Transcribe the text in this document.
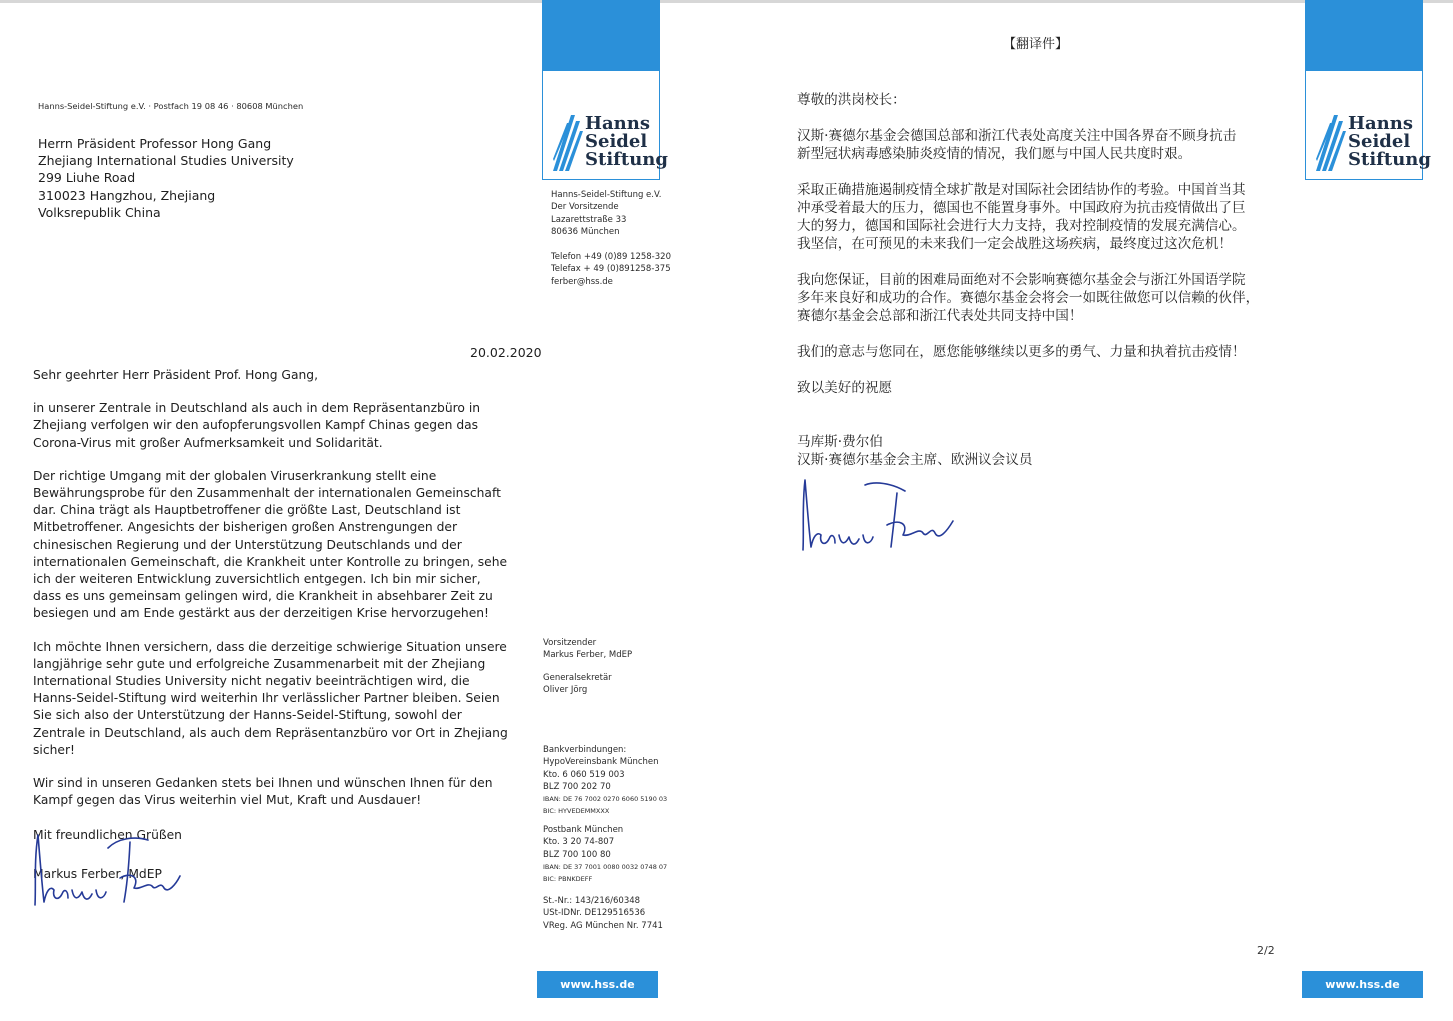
Hanns
Seidel
Stiftung
Hanns-Seidel-Stiftung e.V. · Postfach 19 08 46 · 80608 München
Herrn Präsident Professor Hong Gang
Zhejiang International Studies University
299 Liuhe Road
310023 Hangzhou, Zhejiang
Volksrepublik China
Hanns-Seidel-Stiftung e.V.
Der Vorsitzende
Lazarettstraße 33
80636 München
Telefon +49 (0)89 1258-320
Telefax + 49 (0)891258-375
ferber@hss.de
20.02.2020

Sehr geehrter Herr Präsident Prof. Hong Gang,

in unserer Zentrale in Deutschland als auch in dem Repräsentanzbüro in Zhejiang verfolgen wir den aufopferungsvollen Kampf Chinas gegen das Corona-Virus mit großer Aufmerksamkeit und Solidarität.

Der richtige Umgang mit der globalen Viruserkrankung stellt eine Bewährungsprobe für den Zusammenhalt der internationalen Gemeinschaft dar. China trägt als Hauptbetroffener die größte Last, Deutschland ist Mitbetroffener. Angesichts der bisherigen großen Anstrengungen der chinesischen Regierung und der Unterstützung Deutschlands und der internationalen Gemeinschaft, die Krankheit unter Kontrolle zu bringen, sehe ich der weiteren Entwicklung zuversichtlich entgegen. Ich bin mir sicher, dass es uns gemeinsam gelingen wird, die Krankheit in absehbarer Zeit zu besiegen und am Ende gestärkt aus der derzeitigen Krise hervorzugehen!

Ich möchte Ihnen versichern, dass die derzeitige schwierige Situation unsere langjährige sehr gute und erfolgreiche Zusammenarbeit mit der Zhejiang International Studies University nicht negativ beeinträchtigen wird, die Hanns-Seidel-Stiftung wird weiterhin Ihr verlässlicher Partner bleiben. Seien Sie sich also der Unterstützung der Hanns-Seidel-Stiftung, sowohl der Zentrale in Deutschland, als auch dem Repräsentanzbüro vor Ort in Zhejiang sicher!

Wir sind in unseren Gedanken stets bei Ihnen und wünschen Ihnen für den Kampf gegen das Virus weiterhin viel Mut, Kraft und Ausdauer!

Mit freundlichen Grüßen

Markus Ferber, MdEP
Vorsitzender
Markus Ferber, MdEP
Generalsekretär
Oliver Jörg
Bankverbindungen:
HypoVereinsbank München
Kto. 6 060 519 003
BLZ 700 202 70
IBAN: DE 76 7002 0270 6060 5190 03
BIC: HYVEDEMMXXX
Postbank München
Kto. 3 20 74-807
BLZ 700 100 80
IBAN: DE 37 7001 0080 0032 0748 07
BIC: PBNKDEFF
St.-Nr.: 143/216/60348
USt-IDNr. DE129516536
VReg. AG München Nr. 7741
www.hss.de
Hanns
Seidel
Stiftung
【翻译件】

尊敬的洪岗校长：

汉斯·赛德尔基金会德国总部和浙江代表处高度关注中国各界奋不顾身抗击
新型冠状病毒感染肺炎疫情的情况，我们愿与中国人民共度时艰。

采取正确措施遏制疫情全球扩散是对国际社会团结协作的考验。中国首当其
冲承受着最大的压力，德国也不能置身事外。中国政府为抗击疫情做出了巨
大的努力，德国和国际社会进行大力支持，我对控制疫情的发展充满信心。
我坚信，在可预见的未来我们一定会战胜这场疾病，最终度过这次危机！

我向您保证，目前的困难局面绝对不会影响赛德尔基金会与浙江外国语学院
多年来良好和成功的合作。赛德尔基金会将会一如既往做您可以信赖的伙伴，
赛德尔基金会总部和浙江代表处共同支持中国！

我们的意志与您同在，愿您能够继续以更多的勇气、力量和执着抗击疫情！

致以美好的祝愿

马库斯·费尔伯
汉斯·赛德尔基金会主席、欧洲议会议员
2/2
www.hss.de
